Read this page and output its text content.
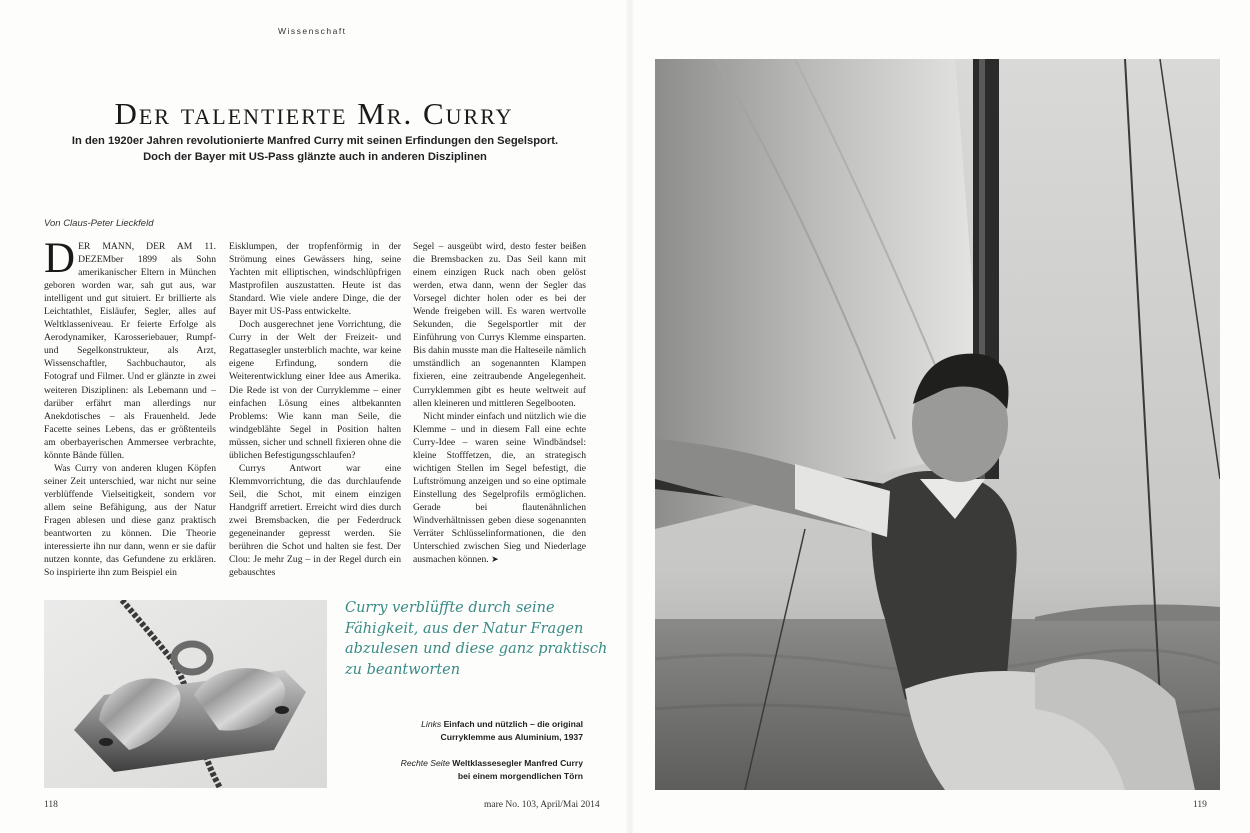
Wissenschaft
Der talentierte Mr. Curry
In den 1920er Jahren revolutionierte Manfred Curry mit seinen Erfindungen den Segelsport.
Doch der Bayer mit US-Pass glänzte auch in anderen Disziplinen
Von Claus-Peter Lieckfeld

DER MANN, DER AM 11. DEZEMber 1899 als Sohn amerikanischer Eltern in München geboren worden war, sah gut aus, war intelligent und gut situiert. Er brillierte als Leichtathlet, Eisläufer, Segler, alles auf Weltklasseniveau. Er feierte Erfolge als Aerodynamiker, Karosseriebauer, Rumpf- und Segelkonstrukteur, als Arzt, Wissenschaftler, Sachbuchautor, als Fotograf und Filmer. Und er glänzte in zwei weiteren Disziplinen: als Lebemann und – darüber erfährt man allerdings nur Anekdotisches – als Frauenheld. Jede Facette seines Lebens, das er größtenteils am oberbayerischen Ammersee verbrachte, könnte Bände füllen.

Was Curry von anderen klugen Köpfen seiner Zeit unterschied, war nicht nur seine verblüffende Vielseitigkeit, sondern vor allem seine Befähigung, aus der Natur Fragen ablesen und diese ganz praktisch beantworten zu können. Die Theorie interessierte ihn nur dann, wenn er sie dafür nutzen konnte, das Gefundene zu erklären. So inspirierte ihn zum Beispiel ein

Eisklumpen, der tropfenförmig in der Strömung eines Gewässers hing, seine Yachten mit elliptischen, windschlüpfrigen Mastprofilen auszustatten. Heute ist das Standard. Wie viele andere Dinge, die der Bayer mit US-Pass entwickelte.

Doch ausgerechnet jene Vorrichtung, die Curry in der Welt der Freizeit- und Regattasegler unsterblich machte, war keine eigene Erfindung, sondern die Weiterentwicklung einer Idee aus Amerika. Die Rede ist von der Curryklemme – einer einfachen Lösung eines altbekannten Problems: Wie kann man Seile, die windgeblähte Segel in Position halten müssen, sicher und schnell fixieren ohne die üblichen Befestigungsschlaufen?

Currys Antwort war eine Klemmvorrichtung, die das durchlaufende Seil, die Schot, mit einem einzigen Handgriff arretiert. Erreicht wird dies durch zwei Bremsbacken, die per Federdruck gegeneinander gepresst werden. Sie berühren die Schot und halten sie fest. Der Clou: Je mehr Zug – in der Regel durch ein gebauschtes

Segel – ausgeübt wird, desto fester beißen die Bremsbacken zu. Das Seil kann mit einem einzigen Ruck nach oben gelöst werden, etwa dann, wenn der Segler das Vorsegel dichter holen oder es bei der Wende freigeben will. Es waren wertvolle Sekunden, die Segelsportler mit der Einführung von Currys Klemme einsparten. Bis dahin musste man die Halteseile nämlich umständlich an sogenannten Klampen fixieren, eine zeitraubende Angelegenheit. Curryklemmen gibt es heute weltweit auf allen kleineren und mittleren Segelbooten.

Nicht minder einfach und nützlich wie die Klemme – und in diesem Fall eine echte Curry-Idee – waren seine Windbändsel: kleine Stofffetzen, die, an strategisch wichtigen Stellen im Segel befestigt, die Luftströmung anzeigen und so eine optimale Einstellung des Segelprofils ermöglichen. Gerade bei flautenähnlichen Windverhältnissen geben diese sogenannten Verräter Schlüsselinformationen, die den Unterschied zwischen Sieg und Niederlage ausmachen können. ➤

Curry verblüffte durch seine Fähigkeit, aus der Natur Fragen abzulesen und diese ganz praktisch zu beantworten
Links Einfach und nützlich – die original Curryklemme aus Aluminium, 1937
Rechte Seite Weltklassesegler Manfred Curry bei einem morgendlichen Törn
118	mare No. 103, April/Mai 2014	119
